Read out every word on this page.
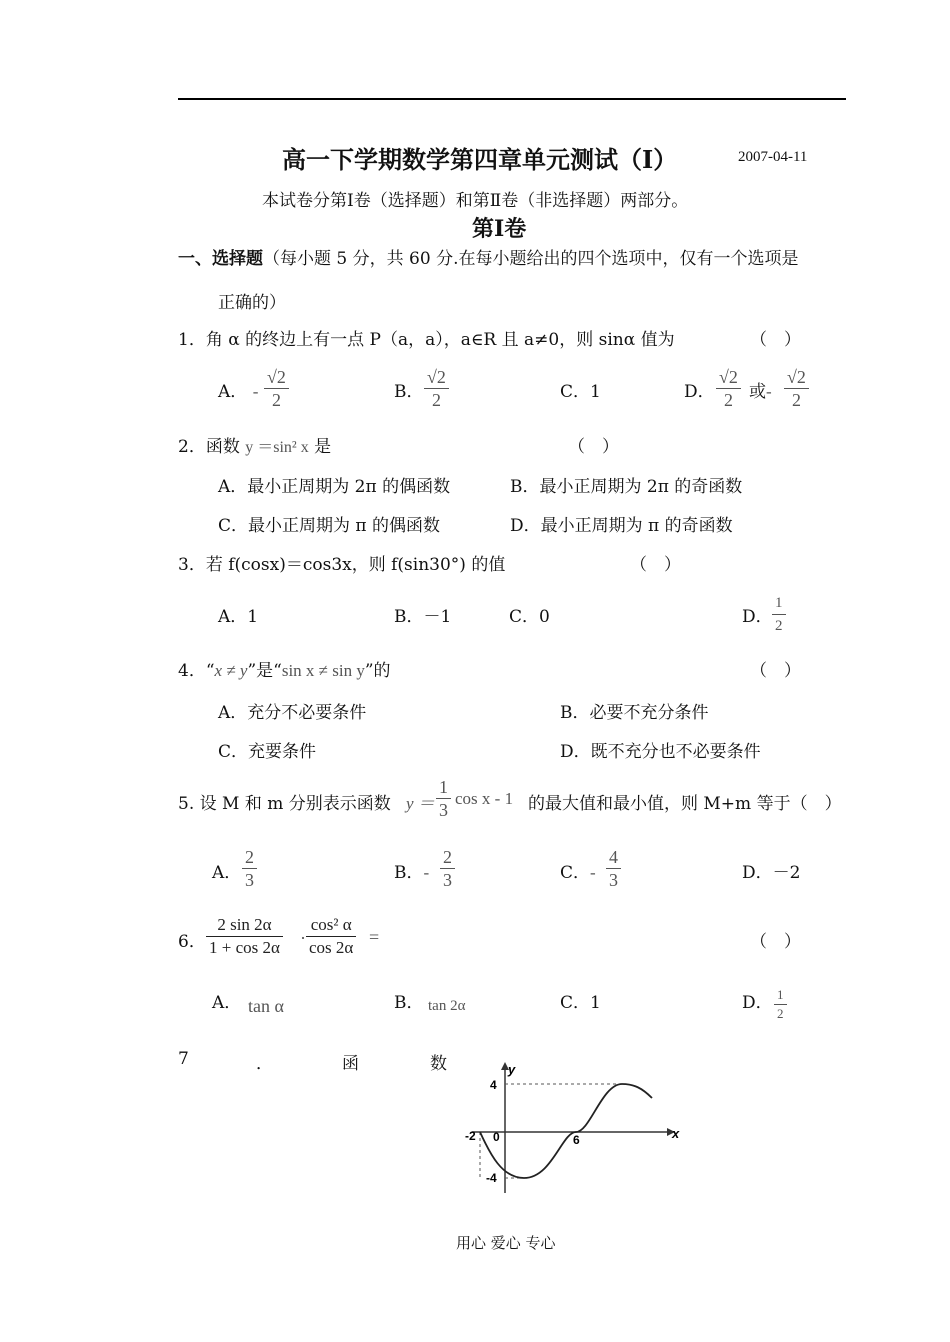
高一下学期数学第四章单元测试（Ⅰ）	2007-04-11
本试卷分第Ⅰ卷（选择题）和第Ⅱ卷（非选择题）两部分。
第Ⅰ卷
一、选择题（每小题 5 分，共 60 分.在每小题给出的四个选项中，仅有一个选项是
正确的）
1．角 α 的终边上有一点 P（a，a），a∈R 且 a≠0，则 sinα 值为	（　）
A． - $\frac{√2}{2}$	B． $\frac{√2}{2}$	C．1	D． $\frac{√2}{2}$ 或- $\frac{√2}{2}$
2．函数 y ＝sin² x 是	（　）
A．最小正周期为 2π 的偶函数	B．最小正周期为 2π 的奇函数
C．最小正周期为 π 的偶函数	D．最小正周期为 π 的奇函数
3．若 f(cosx)＝cos3x，则 f(sin30°) 的值	（　）
A．1	B．－1	C．0	D． $\frac{1}{2}$
4．“x ≠ y”是“sin x ≠ sin y”的	（　）
A．充分不必要条件	B．必要不充分条件
C．充要条件	D．既不充分也不必要条件
5. 设 M 和 m 分别表示函数 $y = \frac{1}{3}$ cos x - 1 的最大值和最小值，则 M+m 等于（　）
A． $\frac{2}{3}$	B．- $\frac{2}{3}$	C．- $\frac{4}{3}$	D．－2
6． $\frac{2 \sin 2\alpha}{1 + \cos 2\alpha} \cdot \frac{\text{cos² α}}{\cos 2\alpha}$ =	（　）
A． tan α	B． tan 2α	C．1	D． $\frac{1}{2}$
7	．	函	数	y
x
4
-4
-2 0	6
用心 爱心 专心
